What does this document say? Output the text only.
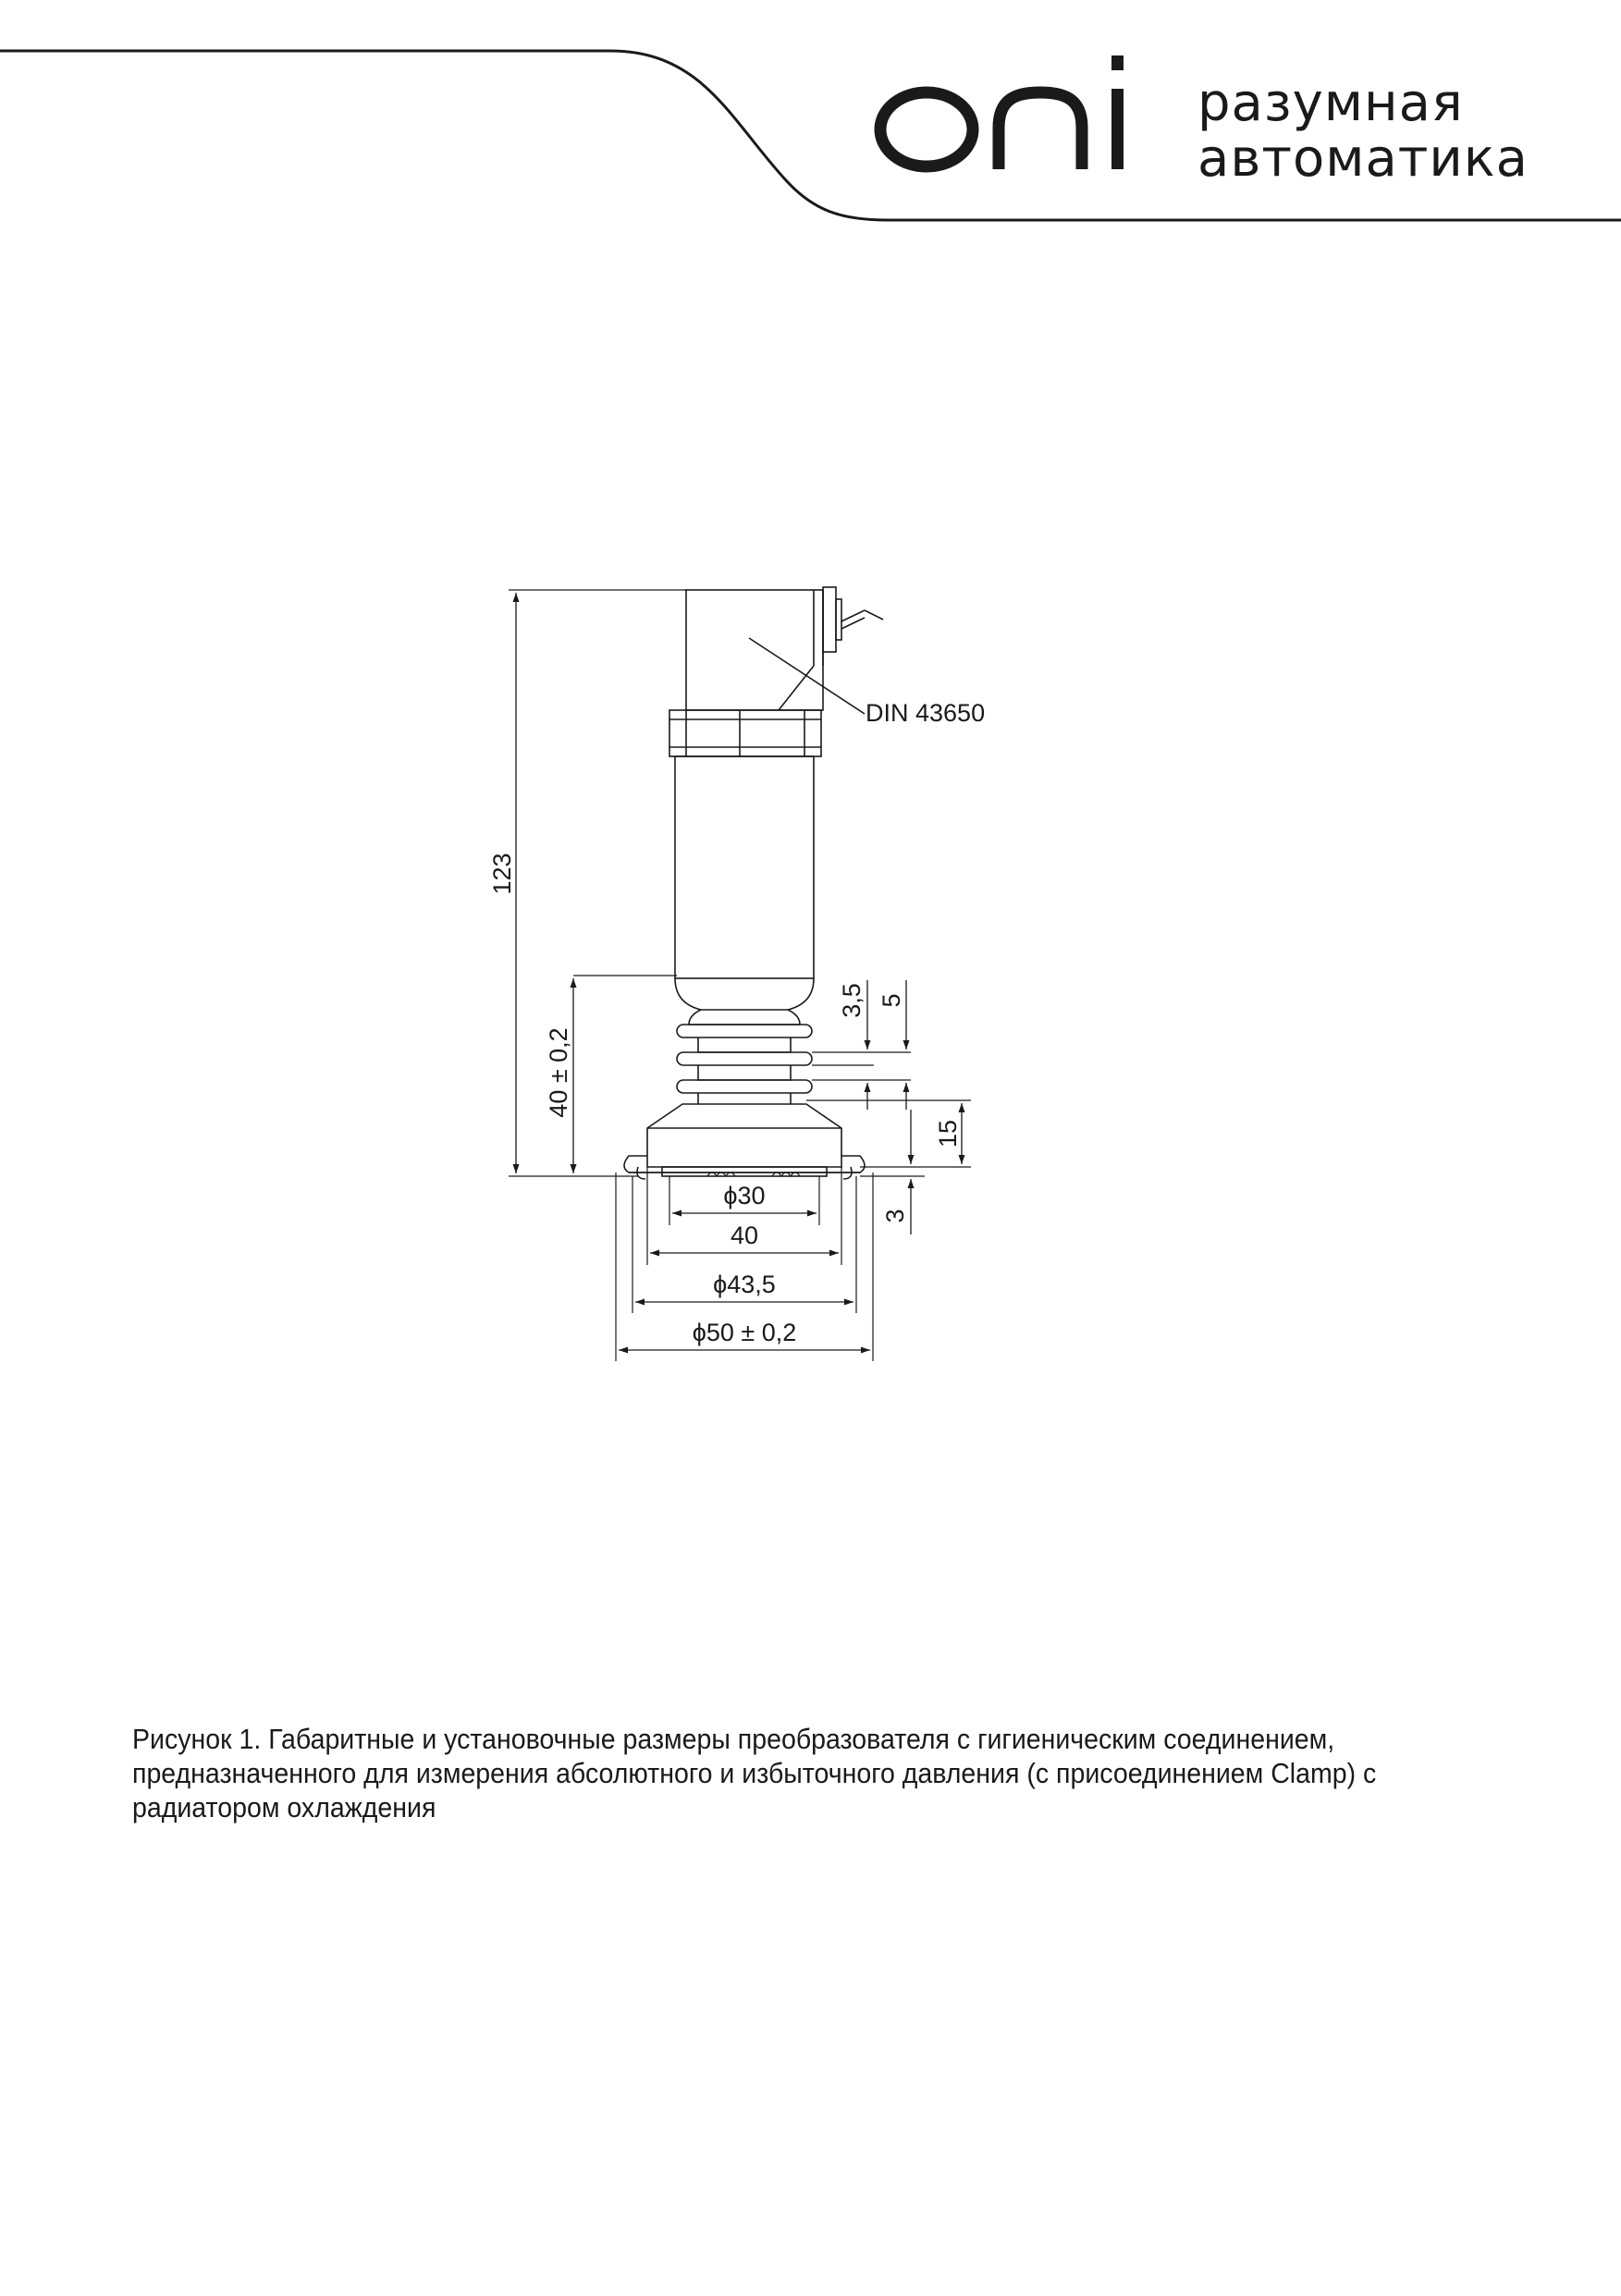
разумная
автоматика
123
40 ± 0,2
3,5 5
15
3
ϕ30
40
ϕ43,5
ϕ50 ± 0,2
DIN 43650
Рисунок 1. Габаритные и установочные размеры преобразователя с гигиеническим соединением,
предназначенного для измерения абсолютного и избыточного давления (с присоединением Clamp) с
радиатором охлаждения
